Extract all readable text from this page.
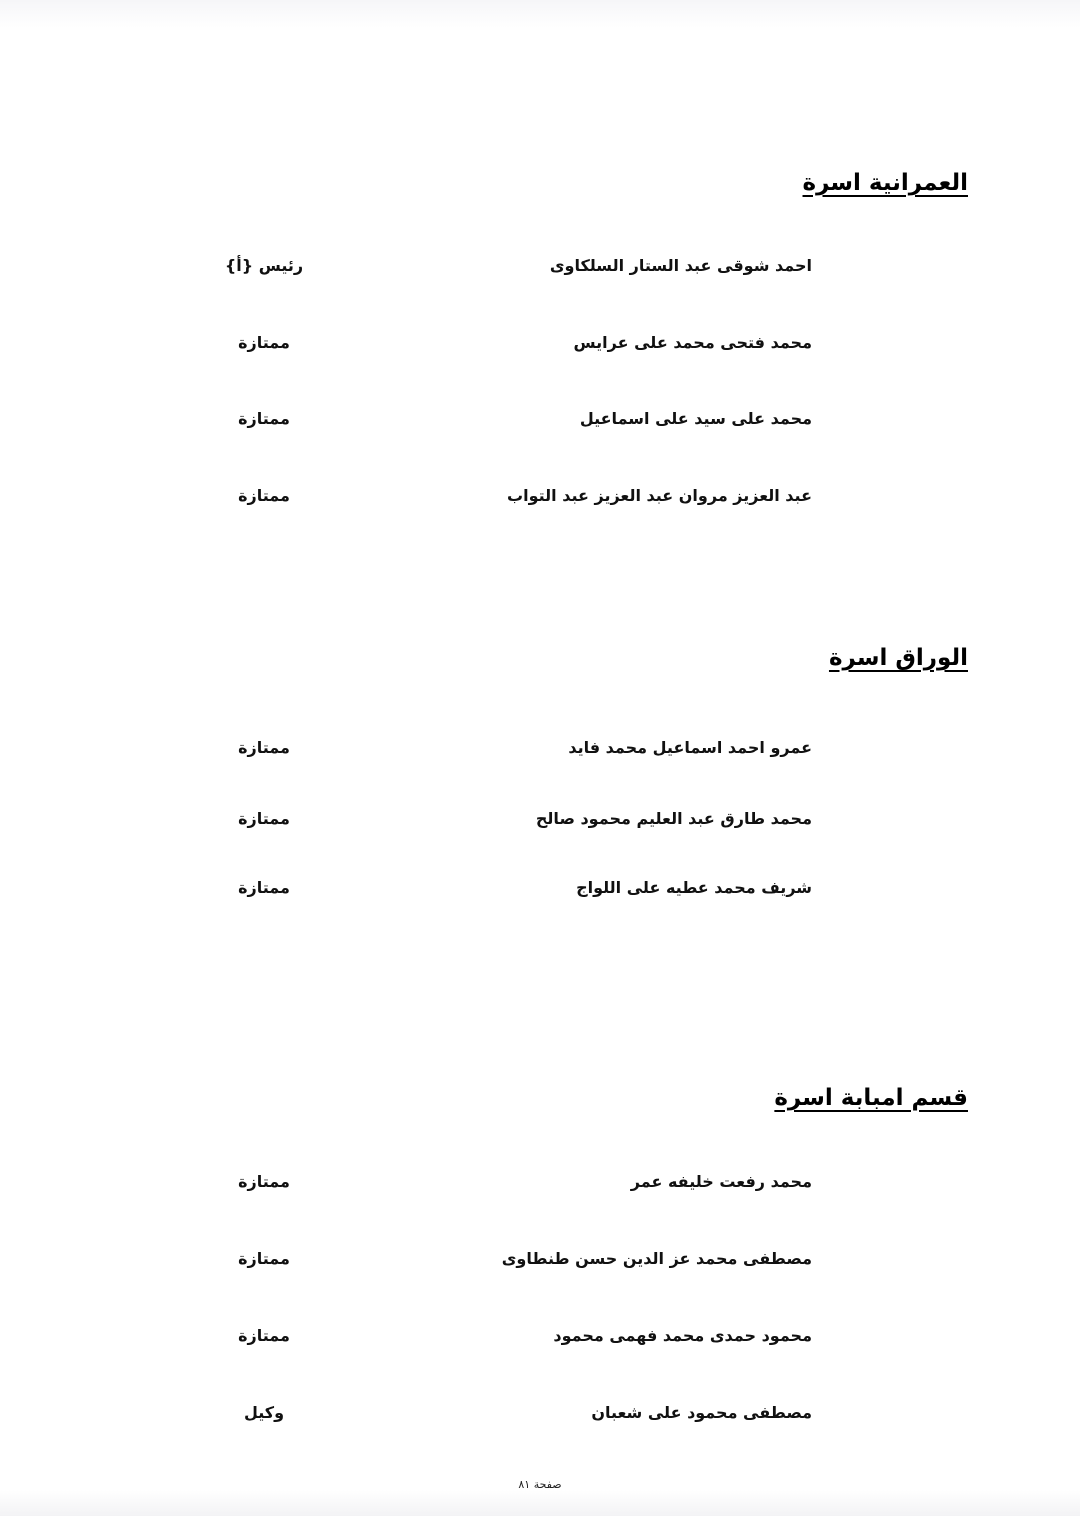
العمرانية اسرة
احمد شوقى عبد الستار السلكاوى
رئيس {أ}
محمد فتحى محمد على عرايس
ممتازة
محمد على سيد على اسماعيل
ممتازة
عبد العزيز مروان عبد العزيز عبد التواب
ممتازة
الوراق اسرة
عمرو احمد اسماعيل محمد فايد
ممتازة
محمد طارق عبد العليم محمود صالح
ممتازة
شريف محمد عطيه على اللواج
ممتازة
قسم امبابة اسرة
محمد رفعت خليفه عمر
ممتازة
مصطفى محمد عز الدين حسن طنطاوى
ممتازة
محمود حمدى محمد فهمى محمود
ممتازة
مصطفى محمود على شعبان
وكيل
صفحة ٨١
